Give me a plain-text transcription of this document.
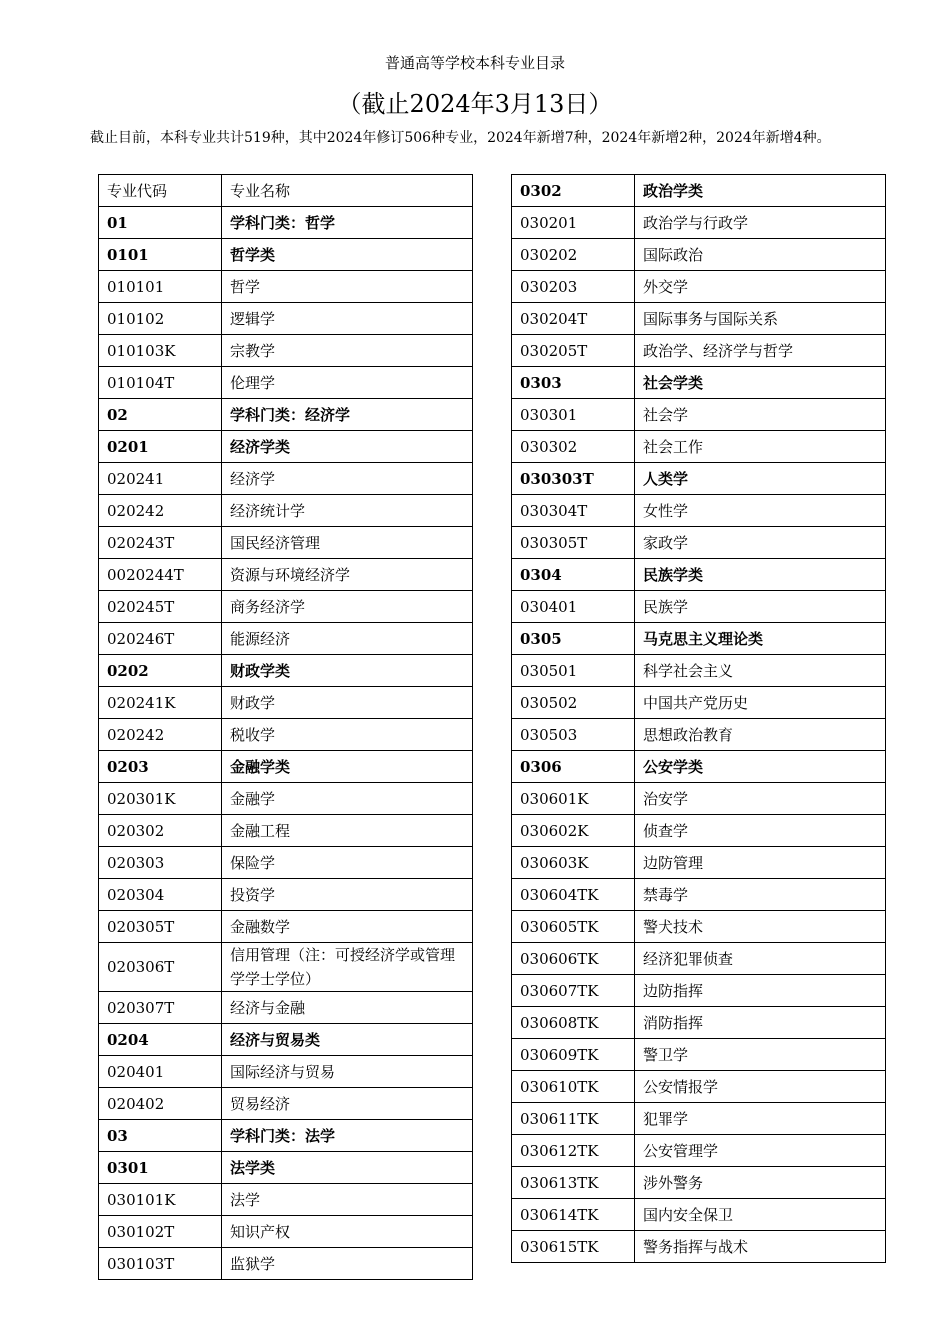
普通高等学校本科专业目录
（截止2024年3月13日）
截止目前，本科专业共计519种，其中2024年修订506种专业，2024年新增7种，2024年新增2种，2024年新增4种。
专业代码	专业名称
01	学科门类：哲学
0101	哲学类
010101	哲学
010102	逻辑学
010103K	宗教学
010104T	伦理学
02	学科门类：经济学
0201	经济学类
020241	经济学
020242	经济统计学
020243T	国民经济管理
0020244T	资源与环境经济学
020245T	商务经济学
020246T	能源经济
0202	财政学类
020241K	财政学
020242	税收学
0203	金融学类
020301K	金融学
020302	金融工程
020303	保险学
020304	投资学
020305T	金融数学
020306T	信用管理（注：可授经济学或管理学学士学位）
020307T	经济与金融
0204	经济与贸易类
020401	国际经济与贸易
020402	贸易经济
03	学科门类：法学
0301	法学类
030101K	法学
030102T	知识产权
030103T	监狱学
0302	政治学类
030201	政治学与行政学
030202	国际政治
030203	外交学
030204T	国际事务与国际关系
030205T	政治学、经济学与哲学
0303	社会学类
030301	社会学
030302	社会工作
030303T	人类学
030304T	女性学
030305T	家政学
0304	民族学类
030401	民族学
0305	马克思主义理论类
030501	科学社会主义
030502	中国共产党历史
030503	思想政治教育
0306	公安学类
030601K	治安学
030602K	侦查学
030603K	边防管理
030604TK	禁毒学
030605TK	警犬技术
030606TK	经济犯罪侦查
030607TK	边防指挥
030608TK	消防指挥
030609TK	警卫学
030610TK	公安情报学
030611TK	犯罪学
030612TK	公安管理学
030613TK	涉外警务
030614TK	国内安全保卫
030615TK	警务指挥与战术
